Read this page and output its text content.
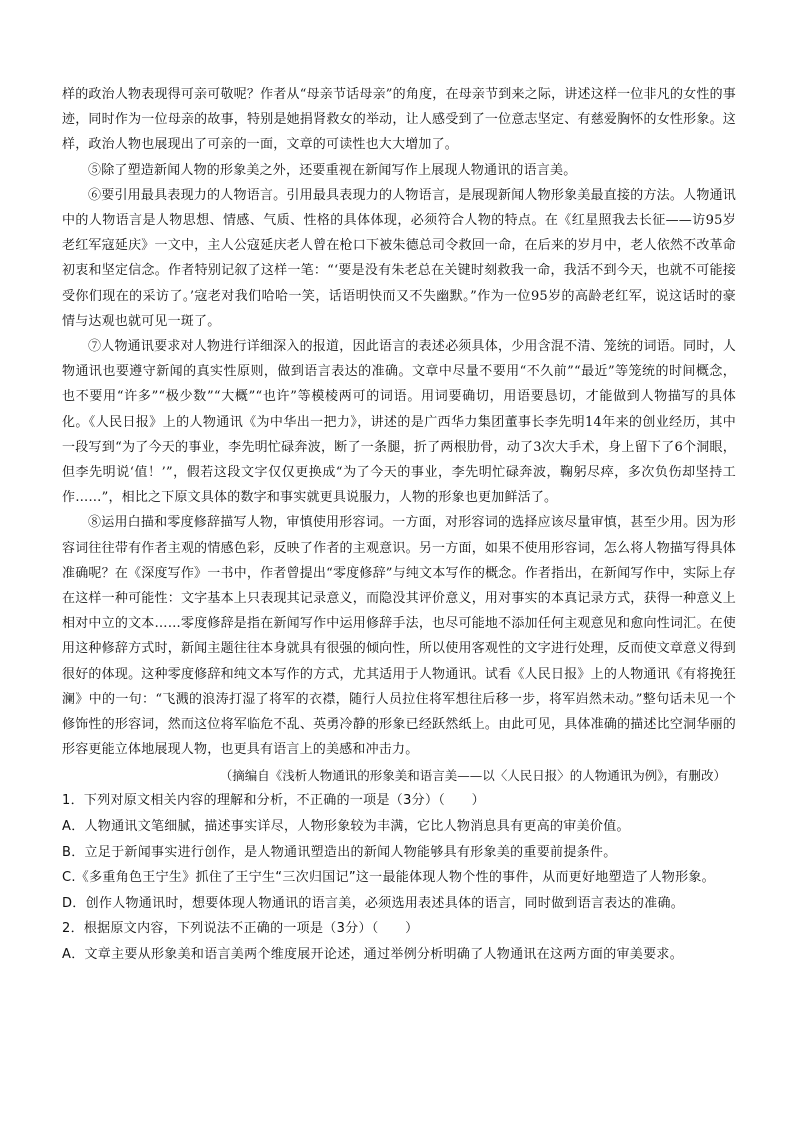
样的政治人物表现得可亲可敬呢？作者从“母亲节话母亲”的角度，在母亲节到来之际，讲述这样一位非凡的女性的事迹，同时作为一位母亲的故事，特别是她捐肾救女的举动，让人感受到了一位意志坚定、有慈爱胸怀的女性形象。这样，政治人物也展现出了可亲的一面，文章的可读性也大大增加了。

⑤除了塑造新闻人物的形象美之外，还要重视在新闻写作上展现人物通讯的语言美。

⑥要引用最具表现力的人物语言。引用最具表现力的人物语言，是展现新闻人物形象美最直接的方法。人物通讯中的人物语言是人物思想、情感、气质、性格的具体体现，必须符合人物的特点。在《红星照我去长征——访95岁老红军寇延庆》一文中，主人公寇延庆老人曾在枪口下被朱德总司令救回一命，在后来的岁月中，老人依然不改革命初衷和坚定信念。作者特别记叙了这样一笔：“‘要是没有朱老总在关键时刻救我一命，我活不到今天，也就不可能接受你们现在的采访了。’寇老对我们哈哈一笑，话语明快而又不失幽默。”作为一位95岁的高龄老红军，说这话时的豪情与达观也就可见一斑了。

⑦人物通讯要求对人物进行详细深入的报道，因此语言的表述必须具体，少用含混不清、笼统的词语。同时，人物通讯也要遵守新闻的真实性原则，做到语言表达的准确。文章中尽量不要用“不久前”“最近”等笼统的时间概念，也不要用“许多”“极少数”“大概”“也许”等模棱两可的词语。用词要确切，用语要恳切，才能做到人物描写的具体化。《人民日报》上的人物通讯《为中华出一把力》，讲述的是广西华力集团董事长李先明14年来的创业经历，其中一段写到“为了今天的事业，李先明忙碌奔波，断了一条腿，折了两根肋骨，动了3次大手术，身上留下了6个洞眼，但李先明说‘值！’”，假若这段文字仅仅更换成“为了今天的事业，李先明忙碌奔波，鞠躬尽瘁，多次负伤却坚持工作……”，相比之下原文具体的数字和事实就更具说服力，人物的形象也更加鲜活了。

⑧运用白描和零度修辞描写人物，审慎使用形容词。一方面，对形容词的选择应该尽量审慎，甚至少用。因为形容词往往带有作者主观的情感色彩，反映了作者的主观意识。另一方面，如果不使用形容词，怎么将人物描写得具体准确呢？在《深度写作》一书中，作者曾提出“零度修辞”与纯文本写作的概念。作者指出，在新闻写作中，实际上存在这样一种可能性：文字基本上只表现其记录意义，而隐没其评价意义，用对事实的本真记录方式，获得一种意义上相对中立的文本……零度修辞是指在新闻写作中运用修辞手法，也尽可能地不添加任何主观意见和愈向性词汇。在使用这种修辞方式时，新闻主题往往本身就具有很强的倾向性，所以使用客观性的文字进行处理，反而使文章意义得到很好的体现。这种零度修辞和纯文本写作的方式，尤其适用于人物通讯。试看《人民日报》上的人物通讯《有将挽狂澜》中的一句：“飞溅的浪涛打湿了将军的衣襟，随行人员拉住将军想往后移一步，将军岿然未动。”整句话未见一个修饰性的形容词，然而这位将军临危不乱、英勇冷静的形象已经跃然纸上。由此可见，具体准确的描述比空洞华丽的形容更能立体地展现人物，也更具有语言上的美感和冲击力。

（摘编自《浅析人物通讯的形象美和语言美——以〈人民日报〉的人物通讯为例》，有删改）

1．下列对原文相关内容的理解和分析，不正确的一项是（3分）（　　）

A．人物通讯文笔细腻，描述事实详尽，人物形象较为丰满，它比人物消息具有更高的审美价值。

B．立足于新闻事实进行创作，是人物通讯塑造出的新闻人物能够具有形象美的重要前提条件。

C.《多重角色王宁生》抓住了王宁生“三次归国记”这一最能体现人物个性的事件，从而更好地塑造了人物形象。

D．创作人物通讯时，想要体现人物通讯的语言美，必须选用表述具体的语言，同时做到语言表达的准确。

2．根据原文内容，下列说法不正确的一项是（3分）（　　）

A．文章主要从形象美和语言美两个维度展开论述，通过举例分析明确了人物通讯在这两方面的审美要求。
